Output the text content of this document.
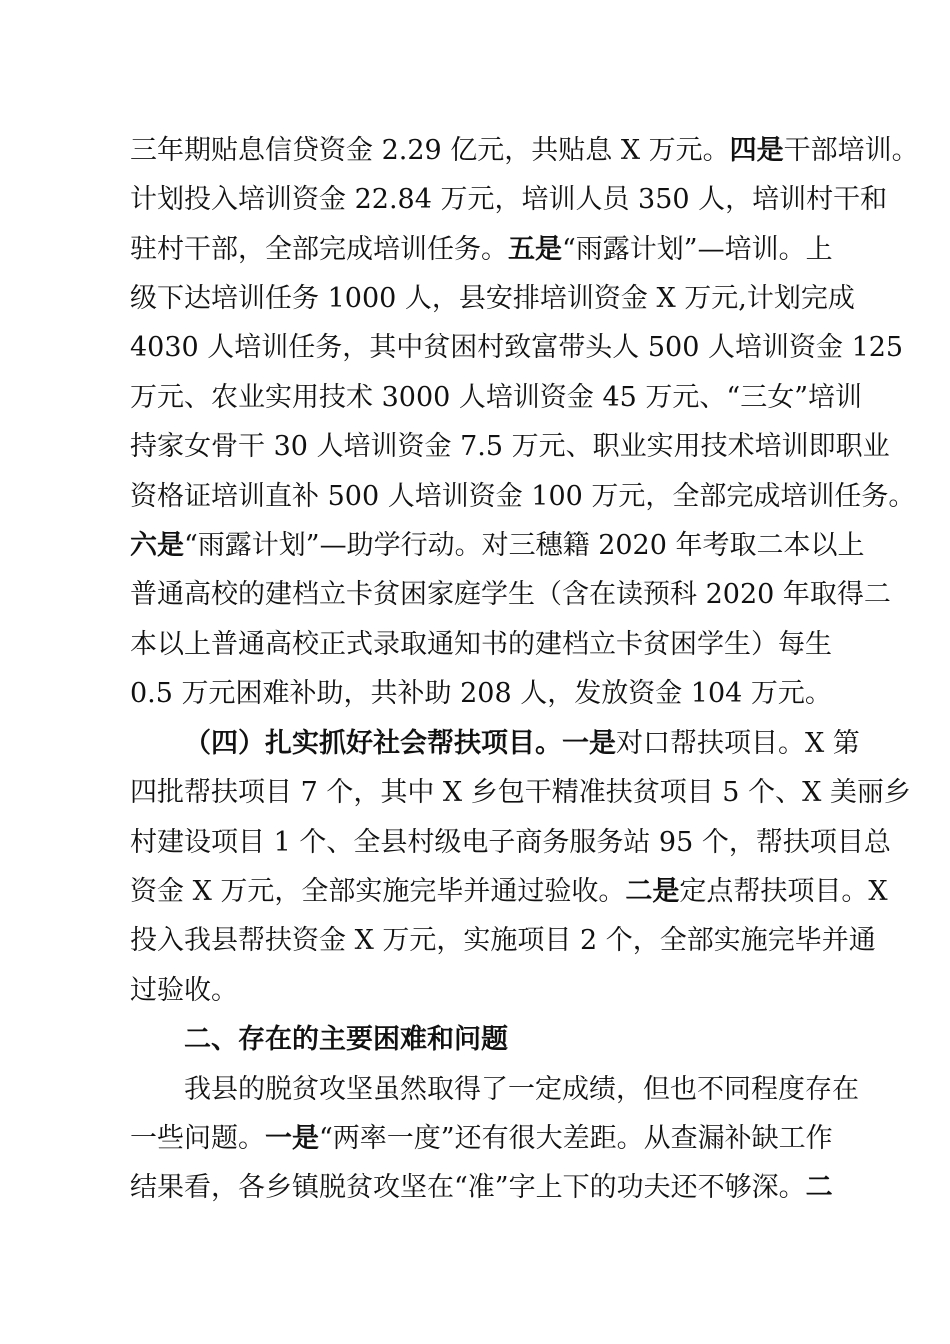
三年期贴息信贷资金 2.29 亿元，共贴息 X 万元。四是干部培训。
计划投入培训资金 22.84 万元，培训人员 350 人，培训村干和
驻村干部，全部完成培训任务。五是“雨露计划”—培训。上
级下达培训任务 1000 人，县安排培训资金 X 万元,计划完成
4030 人培训任务，其中贫困村致富带头人 500 人培训资金 125
万元、农业实用技术 3000 人培训资金 45 万元、“三女”培训
持家女骨干 30 人培训资金 7.5 万元、职业实用技术培训即职业
资格证培训直补 500 人培训资金 100 万元，全部完成培训任务。
六是“雨露计划”—助学行动。对三穗籍 2020 年考取二本以上
普通高校的建档立卡贫困家庭学生（含在读预科 2020 年取得二
本以上普通高校正式录取通知书的建档立卡贫困学生）每生
0.5 万元困难补助，共补助 208 人，发放资金 104 万元。
（四）扎实抓好社会帮扶项目。一是对口帮扶项目。X 第
四批帮扶项目 7 个，其中 X 乡包干精准扶贫项目 5 个、X 美丽乡
村建设项目 1 个、全县村级电子商务服务站 95 个，帮扶项目总
资金 X 万元，全部实施完毕并通过验收。二是定点帮扶项目。X
投入我县帮扶资金 X 万元，实施项目 2 个，全部实施完毕并通
过验收。
二、存在的主要困难和问题
我县的脱贫攻坚虽然取得了一定成绩，但也不同程度存在
一些问题。一是“两率一度”还有很大差距。从查漏补缺工作
结果看，各乡镇脱贫攻坚在“准”字上下的功夫还不够深。二
